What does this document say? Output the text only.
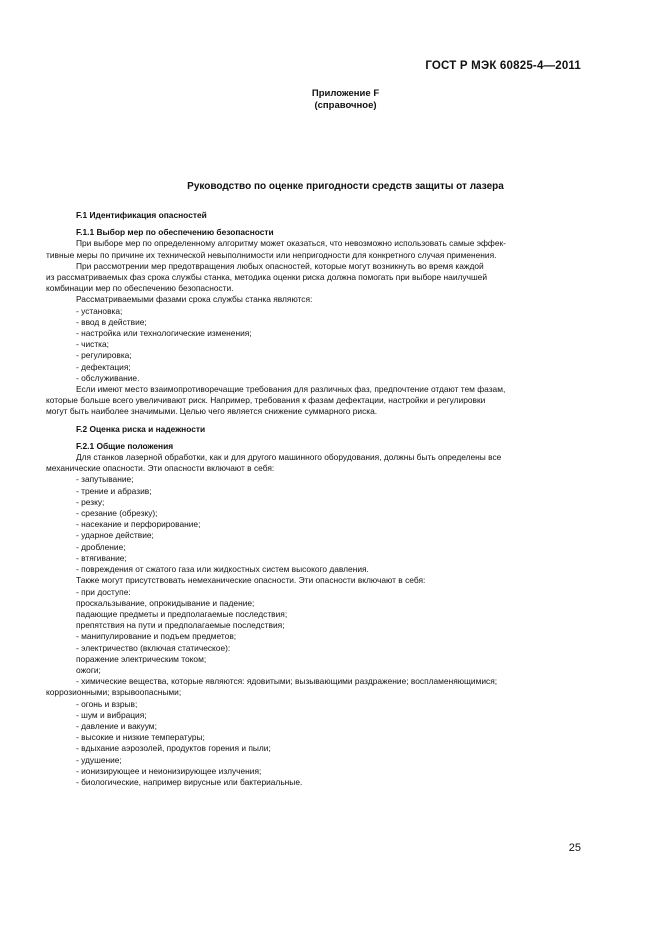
ГОСТ Р МЭК 60825-4—2011
Приложение F
(справочное)
Руководство по оценке пригодности средств защиты от лазера
F.1 Идентификация опасностей
F.1.1 Выбор мер по обеспечению безопасности
При выборе мер по определенному алгоритму может оказаться, что невозможно использовать самые эффек-
тивные меры по причине их технической невыполнимости или непригодности для конкретного случая применения.
При рассмотрении мер предотвращения любых опасностей, которые могут возникнуть во время каждой
из рассматриваемых фаз срока службы станка, методика оценки риска должна помогать при выборе наилучшей
комбинации мер по обеспечению безопасности.
Рассматриваемыми фазами срока службы станка являются:
- установка;
- ввод в действие;
- настройка или технологические изменения;
- чистка;
- регулировка;
- дефектация;
- обслуживание.
Если имеют место взаимопротиворечащие требования для различных фаз, предпочтение отдают тем фазам,
которые больше всего увеличивают риск. Например, требования к фазам дефектации, настройки и регулировки
могут быть наиболее значимыми. Целью чего является снижение суммарного риска.
F.2 Оценка риска и надежности
F.2.1 Общие положения
Для станков лазерной обработки, как и для другого машинного оборудования, должны быть определены все
механические опасности. Эти опасности включают в себя:
- запутывание;
- трение и абразив;
- резку;
- срезание (обрезку);
- насекание и перфорирование;
- ударное действие;
- дробление;
- втягивание;
- повреждения от сжатого газа или жидкостных систем высокого давления.
Также могут присутствовать немеханические опасности. Эти опасности включают в себя:
- при доступе:
проскальзывание, опрокидывание и падение;
падающие предметы и предполагаемые последствия;
препятствия на пути и предполагаемые последствия;
- манипулирование и подъем предметов;
- электричество (включая статическое):
поражение электрическим током;
ожоги;
- химические вещества, которые являются: ядовитыми; вызывающими раздражение; воспламеняющимися;
коррозионными; взрывоопасными;
- огонь и взрыв;
- шум и вибрация;
- давление и вакуум;
- высокие и низкие температуры;
- вдыхание аэрозолей, продуктов горения и пыли;
- удушение;
- ионизирующее и неионизирующее излучения;
- биологические, например вирусные или бактериальные.
25
